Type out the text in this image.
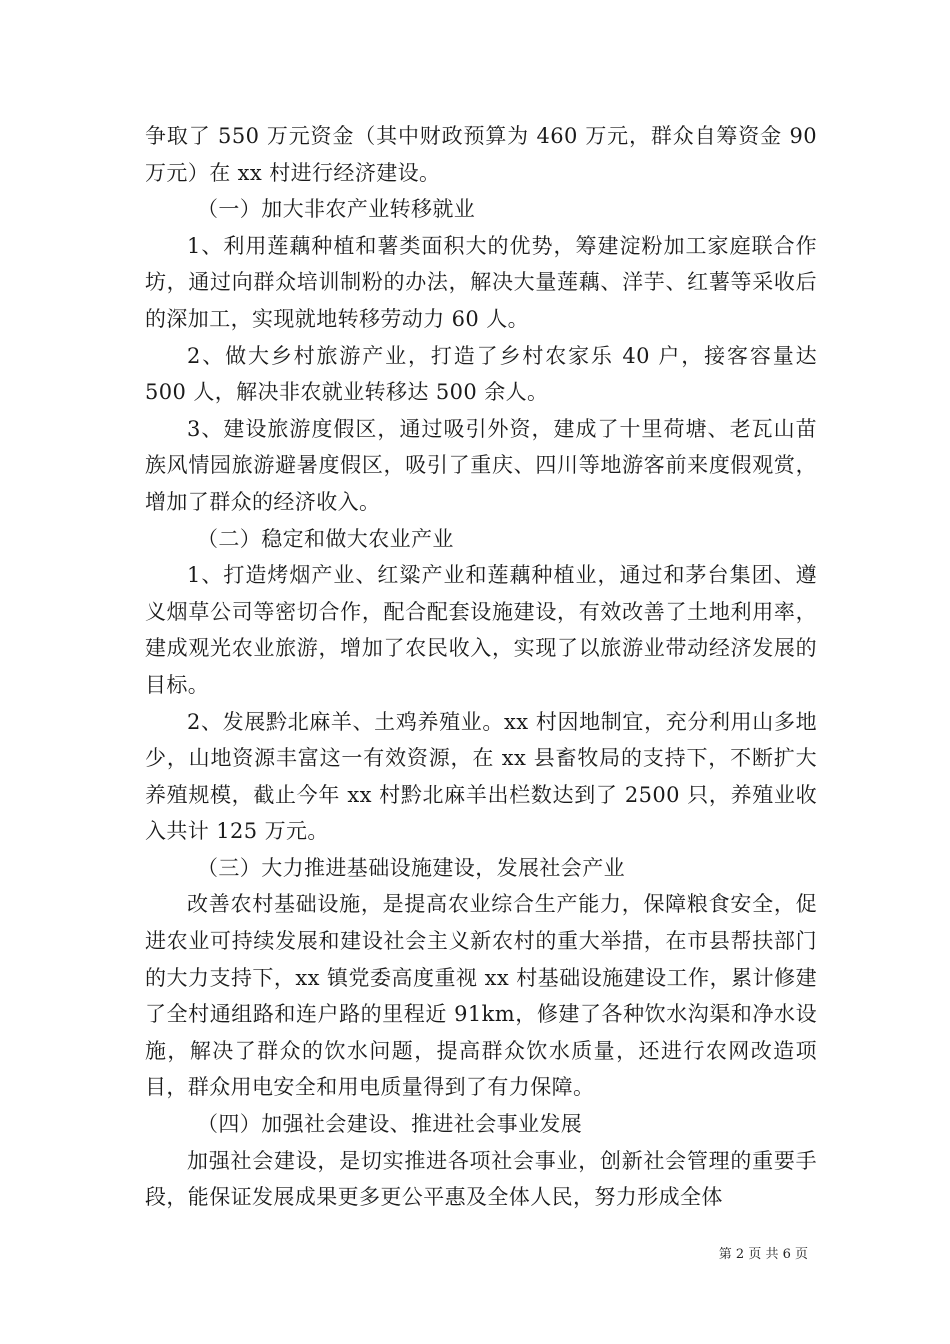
争取了 550 万元资金（其中财政预算为 460 万元，群众自筹资金 90 万元）在 xx 村进行经济建设。

（一）加大非农产业转移就业

1、利用莲藕种植和薯类面积大的优势，筹建淀粉加工家庭联合作坊，通过向群众培训制粉的办法，解决大量莲藕、洋芋、红薯等采收后的深加工，实现就地转移劳动力 60 人。

2、做大乡村旅游产业，打造了乡村农家乐 40 户，接客容量达 500 人，解决非农就业转移达 500 余人。

3、建设旅游度假区，通过吸引外资，建成了十里荷塘、老瓦山苗族风情园旅游避暑度假区，吸引了重庆、四川等地游客前来度假观赏，增加了群众的经济收入。

（二）稳定和做大农业产业

1、打造烤烟产业、红粱产业和莲藕种植业，通过和茅台集团、遵义烟草公司等密切合作，配合配套设施建设，有效改善了土地利用率，建成观光农业旅游，增加了农民收入，实现了以旅游业带动经济发展的目标。

2、发展黔北麻羊、土鸡养殖业。xx 村因地制宜，充分利用山多地少，山地资源丰富这一有效资源，在 xx 县畜牧局的支持下，不断扩大养殖规模，截止今年 xx 村黔北麻羊出栏数达到了 2500 只，养殖业收入共计 125 万元。

（三）大力推进基础设施建设，发展社会产业

改善农村基础设施，是提高农业综合生产能力，保障粮食安全，促进农业可持续发展和建设社会主义新农村的重大举措，在市县帮扶部门的大力支持下，xx 镇党委高度重视 xx 村基础设施建设工作，累计修建了全村通组路和连户路的里程近 91km，修建了各种饮水沟渠和净水设施，解决了群众的饮水问题，提高群众饮水质量，还进行农网改造项目，群众用电安全和用电质量得到了有力保障。

（四）加强社会建设、推进社会事业发展

加强社会建设，是切实推进各项社会事业，创新社会管理的重要手段，能保证发展成果更多更公平惠及全体人民，努力形成全体

第 2 页 共 6 页
